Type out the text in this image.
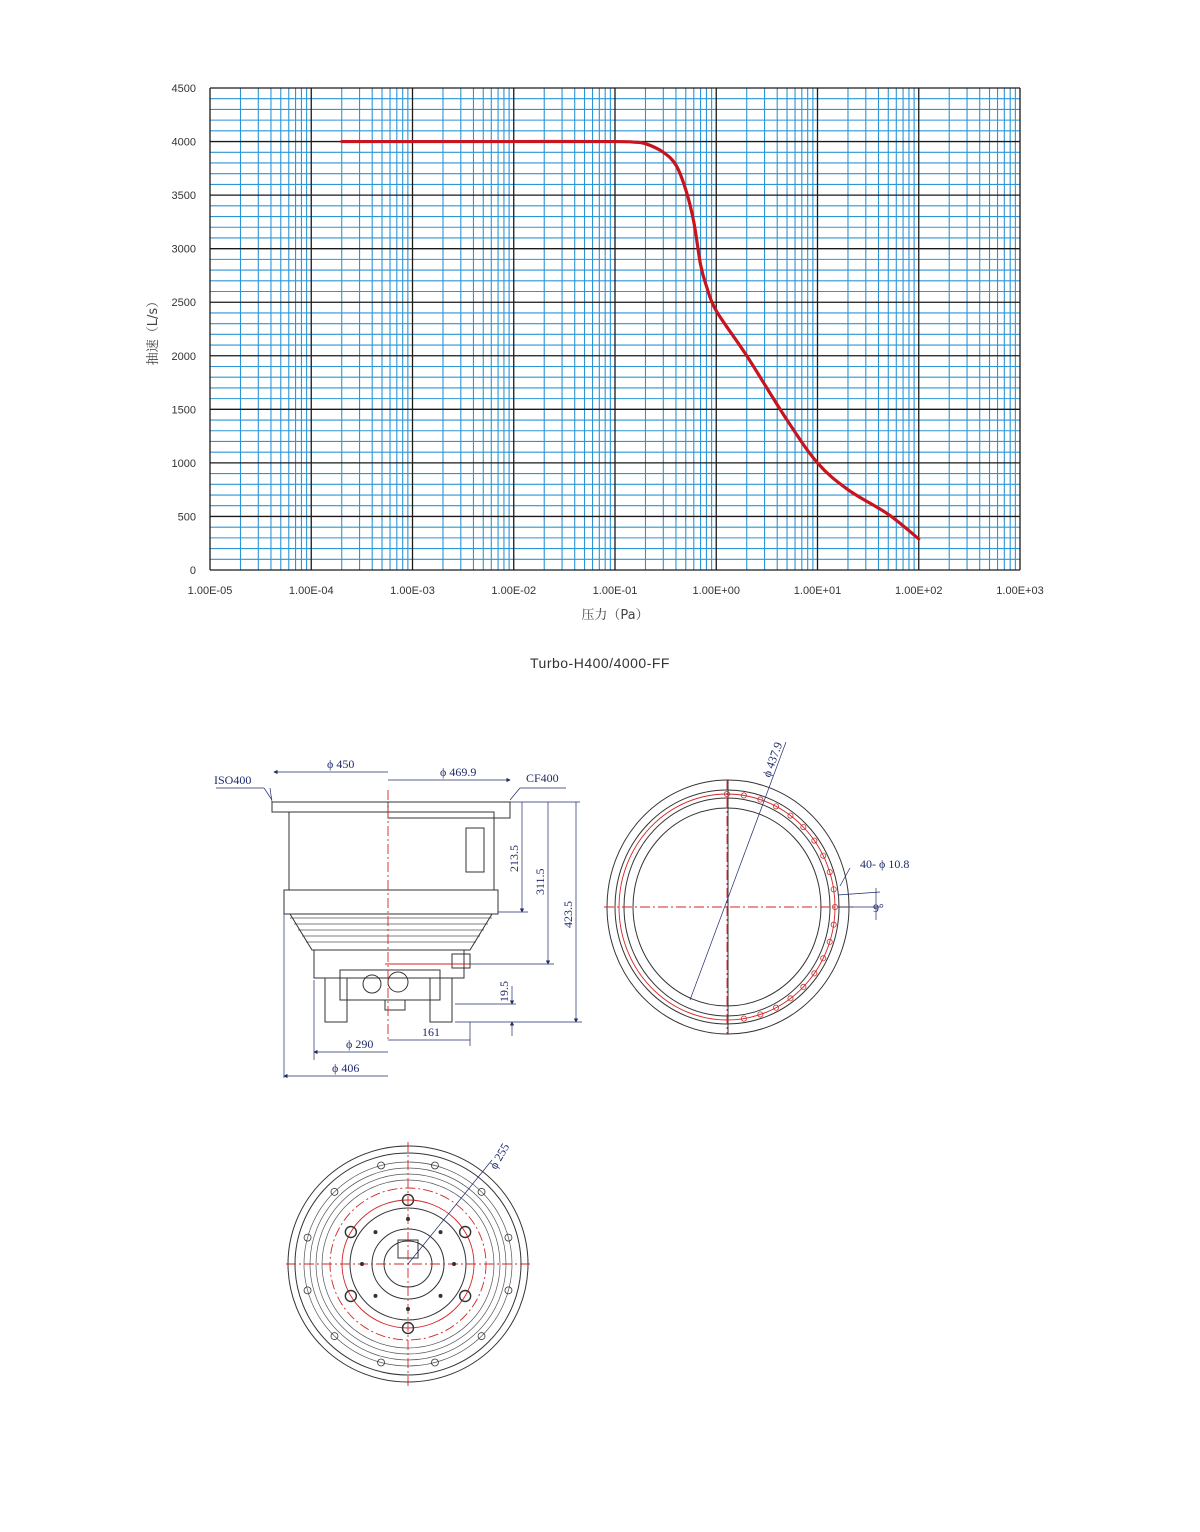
1.00E-05	1.00E-04	1.00E-03	1.00E-02	1.00E-01	1.00E+00	1.00E+01	1.00E+02	1.00E+03
0
500
1000
1500
2000
2500
3000
3500
4000
4500
压力（Pa）
抽速（L/s）
Turbo-H400/4000-FF
ISO400
ϕ 450
ϕ 469.9	CF400
213.5
311.5
423.5
19.5
161
ϕ 290
ϕ 406
ϕ 437.9
40- ϕ 10.8
9°
ϕ 255
